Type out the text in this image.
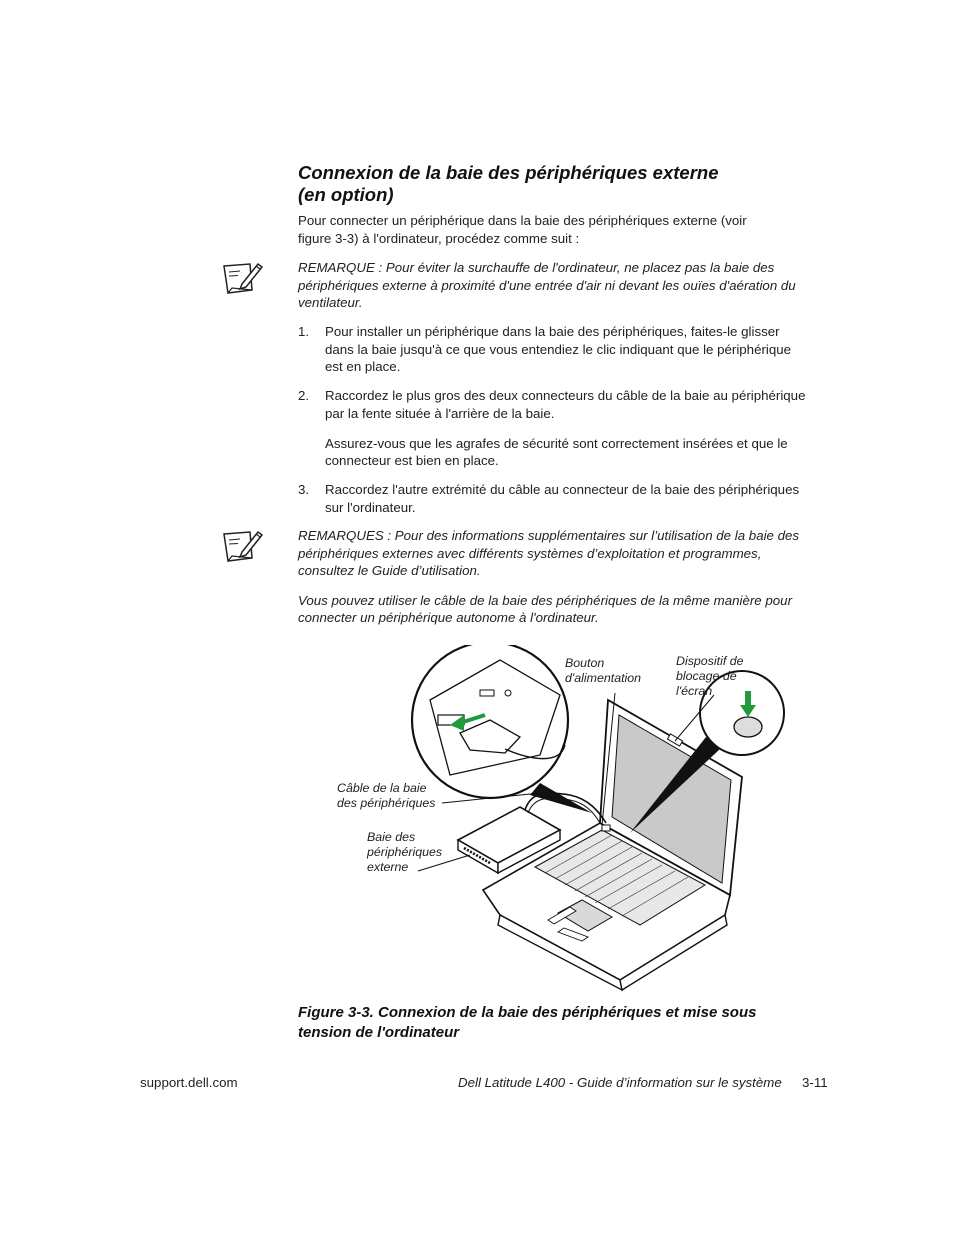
Connexion de la baie des périphériques externe
(en option)
Pour connecter un périphérique dans la baie des périphériques externe (voir
figure 3-3) à l'ordinateur, procédez comme suit :
REMARQUE : Pour éviter la surchauffe de l'ordinateur, ne placez pas la baie des
périphériques externe à proximité d'une entrée d'air ni devant les ouïes d'aération du
ventilateur.
1. Pour installer un périphérique dans la baie des périphériques, faites-le glisser
dans la baie jusqu'à ce que vous entendiez le clic indiquant que le périphérique
est en place.
2. Raccordez le plus gros des deux connecteurs du câble de la baie au périphérique
par la fente située à l'arrière de la baie.
Assurez-vous que les agrafes de sécurité sont correctement insérées et que le
connecteur est bien en place.
3. Raccordez l'autre extrémité du câble au connecteur de la baie des périphériques
sur l'ordinateur.
REMARQUES : Pour des informations supplémentaires sur l’utilisation de la baie des
périphériques externes avec différents systèmes d’exploitation et programmes,
consultez le Guide d’utilisation.
Vous pouvez utiliser le câble de la baie des périphériques de la même manière pour
connecter un périphérique autonome à l'ordinateur.
Bouton
d'alimentation
Dispositif de
blocage de
l'écran
Câble de la baie
des périphériques
Baie des
périphériques
externe
Figure 3-3. Connexion de la baie des périphériques et mise sous
tension de l'ordinateur
support.dell.com	Dell Latitude L400 - Guide d’information sur le système 3-11
